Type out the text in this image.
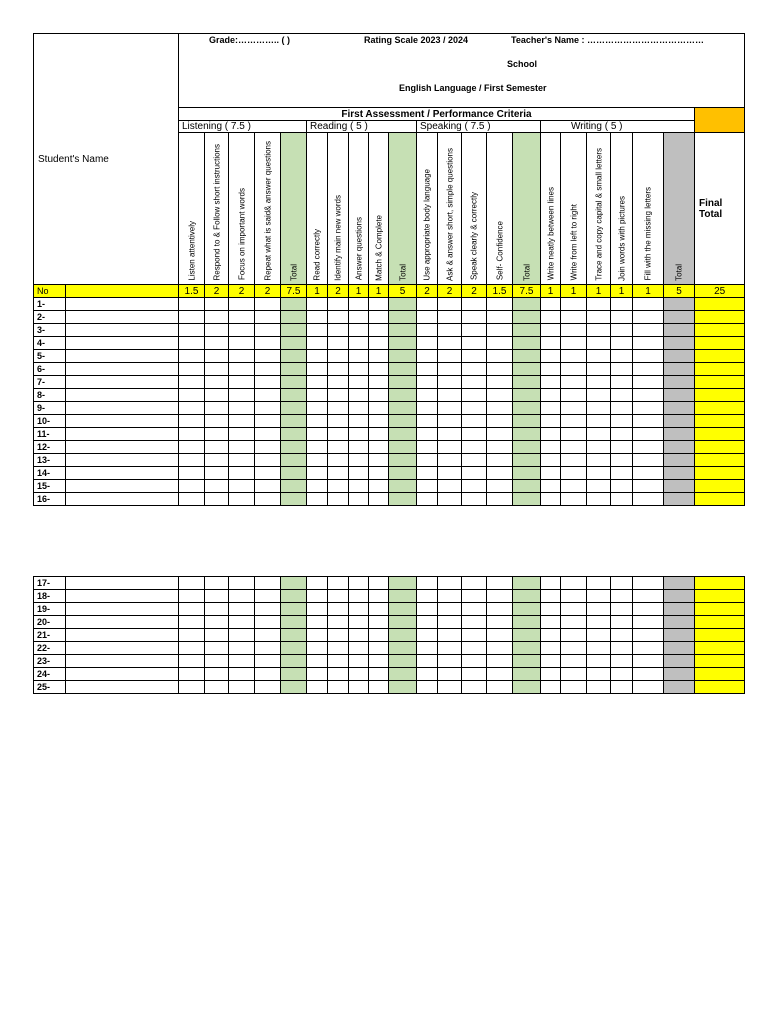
Student's Name		Grade:………….. ( ) Rating Scale 2023 / 2024 Teacher's Name : …………………………………
School
English Language / First Semester																					

		First Assessment / Performance Criteria																					
		Listening ( 7.5 )					Reading ( 5 )					Speaking ( 7.5 )					Writing ( 5 )						

		Listen attentively	Respond to & Follow short instructions	Focus on important words	Repeat what is said& answer questions	Total	Read correctly	Identify main new words	Answer questions	Match & Complete	Total	Use appropriate body language	Ask & answer short, simple questions	Speak clearly & correctly	Self- Confidence	Total	Write neatly between lines	Write from left to right	Trace and copy capital & small letters	Join words with pictures	Fill with the missing letters	Total	Final Total
No		1.5	2	2	2	7.5	1	2	1	1	5	2	2	2	1.5	7.5	1	1	1	1	1	5	25
1-																							
2-																							
3-																							
4-																							
5-																							
6-																							
7-																							
8-																							
9-																							
10-																							
11-																							
12-																							
13-																							
14-																							
15-																							
16-																							
17-																							
18-																							
19-																							
20-																							
21-																							
22-																							
23-																							
24-																							
25-																							
